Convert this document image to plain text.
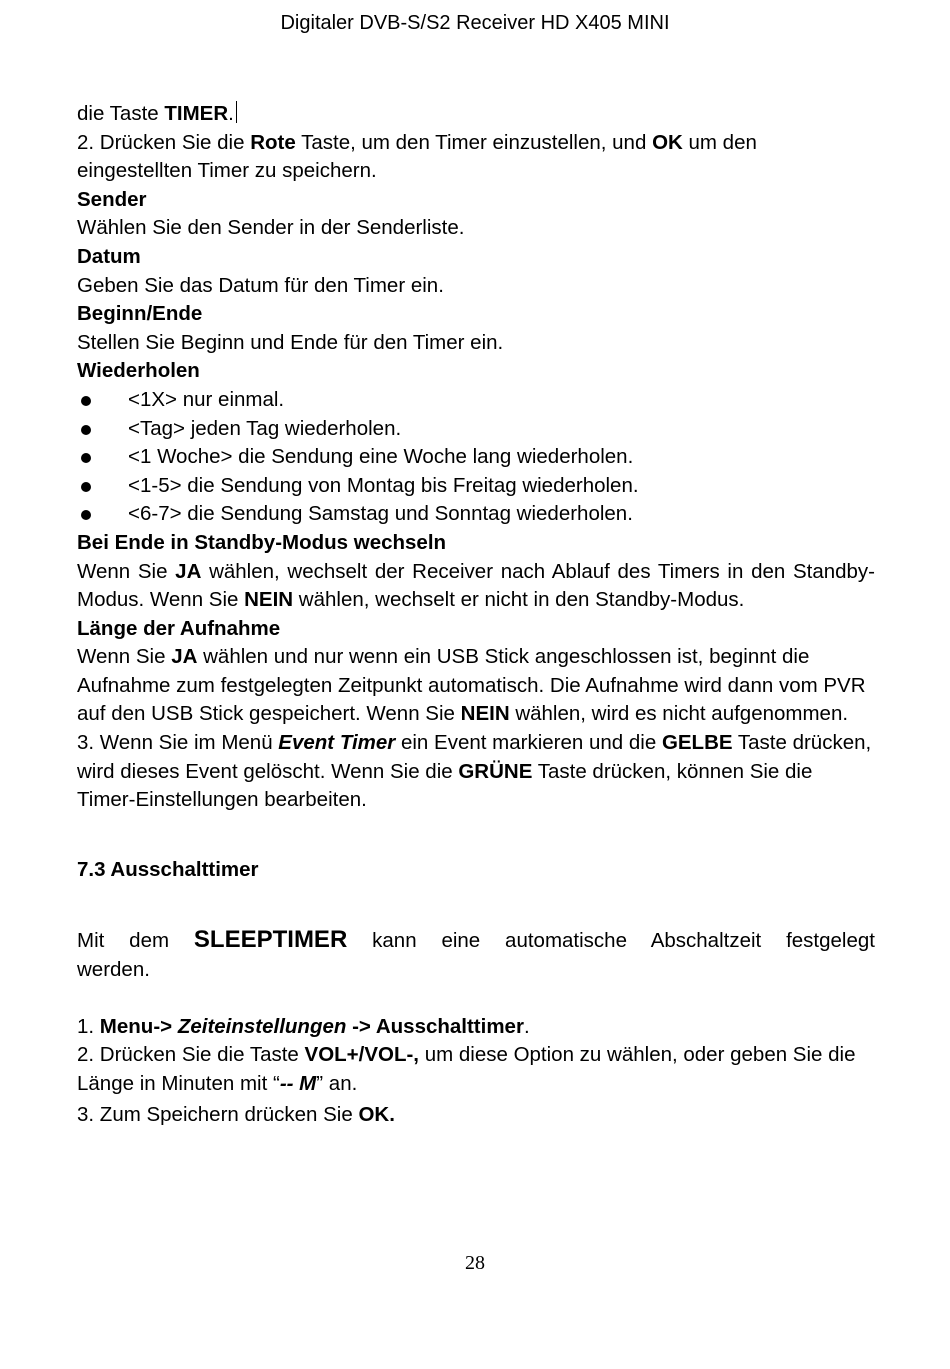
Digitaler DVB-S/S2 Receiver HD X405 MINI

die Taste TIMER.

2. Drücken Sie die Rote Taste, um den Timer einzustellen, und OK um den eingestellten Timer zu speichern.

Sender

Wählen Sie den Sender in der Senderliste.

Datum

Geben Sie das Datum für den Timer ein.

Beginn/Ende

Stellen Sie Beginn und Ende für den Timer ein.

Wiederholen

<1X> nur einmal.
<Tag> jeden Tag wiederholen.
<1 Woche> die Sendung eine Woche lang wiederholen.
<1-5> die Sendung von Montag bis Freitag wiederholen.
<6-7> die Sendung Samstag und Sonntag wiederholen.

Bei Ende in Standby-Modus wechseln

Wenn Sie JA wählen, wechselt der Receiver nach Ablauf des Timers in den Standby-Modus. Wenn Sie NEIN wählen, wechselt er nicht in den Standby-Modus.

Länge der Aufnahme

Wenn Sie JA wählen und nur wenn ein USB Stick angeschlossen ist, beginnt die Aufnahme zum festgelegten Zeitpunkt automatisch. Die Aufnahme wird dann vom PVR auf den USB Stick gespeichert. Wenn Sie NEIN wählen, wird es nicht aufgenommen.

3. Wenn Sie im Menü Event Timer ein Event markieren und die GELBE Taste drücken, wird dieses Event gelöscht. Wenn Sie die GRÜNE Taste drücken, können Sie die Timer-Einstellungen bearbeiten.

7.3 Ausschalttimer

Mit dem SLEEPTIMER kann eine automatische Abschaltzeit festgelegt werden.

1. Menu-> Zeiteinstellungen -> Ausschalttimer.

2. Drücken Sie die Taste VOL+/VOL-, um diese Option zu wählen, oder geben Sie die Länge in Minuten mit “-- M” an.

3. Zum Speichern drücken Sie OK.

28
